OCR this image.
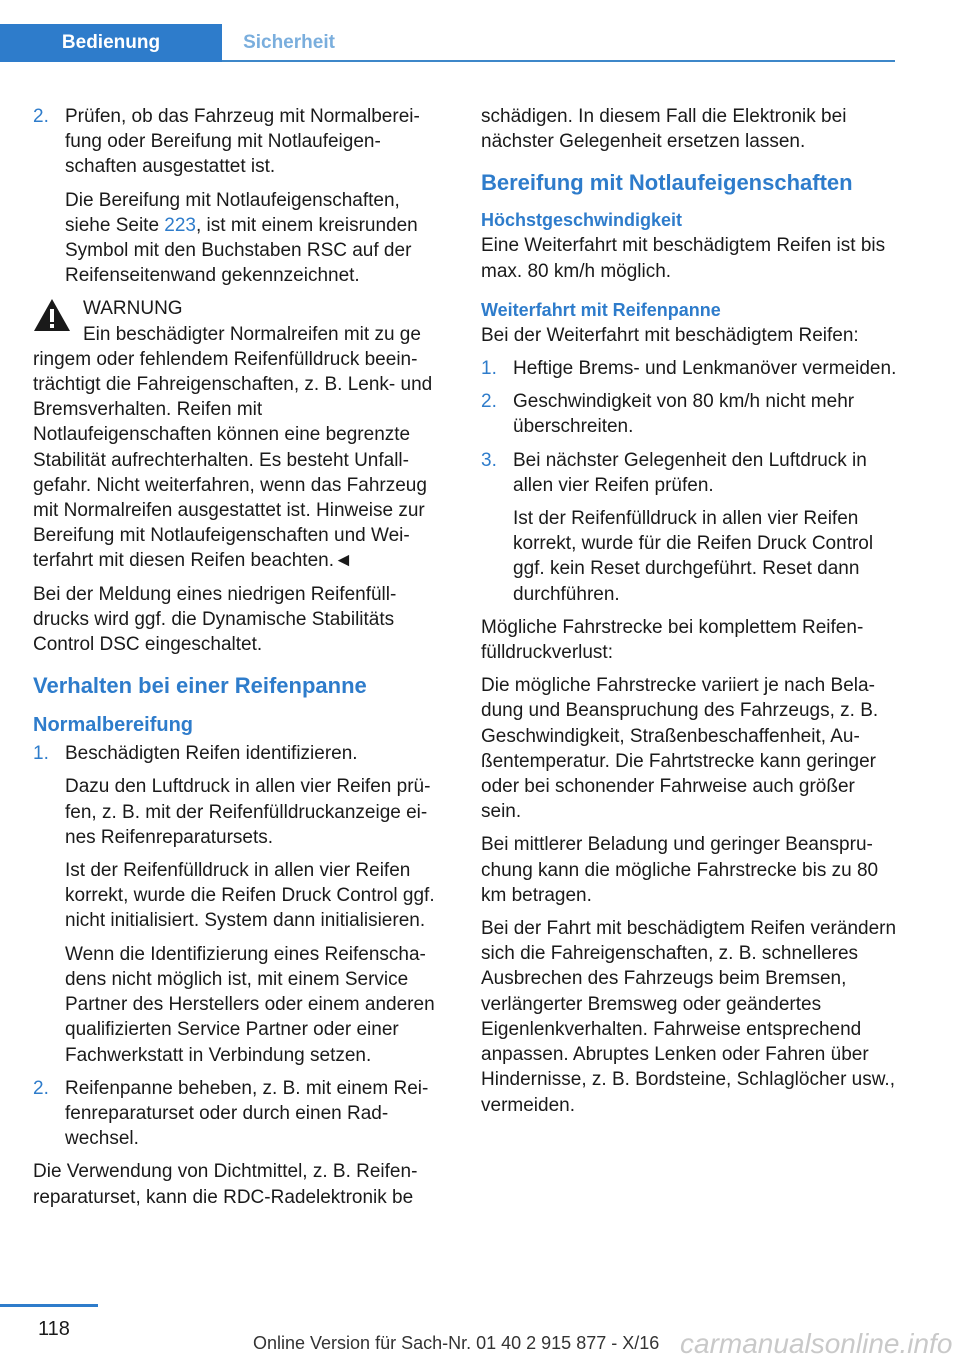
Bedienung	Sicherheit
2. Prüfen, ob das Fahrzeug mit Normalbereifung oder Bereifung mit Notlaufeigenschaften ausgestattet ist.

Die Bereifung mit Notlaufeigenschaften, siehe Seite 223, ist mit einem kreisrunden Symbol mit den Buchstaben RSC auf der Reifenseitenwand gekennzeichnet.

WARNUNG
Ein beschädigter Normalreifen mit zu ge
ringem oder fehlendem Reifenfülldruck beeinträchtigt die Fahreigenschaften, z. B. Lenk- und Bremsverhalten. Reifen mit Notlaufeigenschaften können eine begrenzte Stabilität aufrechterhalten. Es besteht Unfallgefahr. Nicht weiterfahren, wenn das Fahrzeug mit Normalreifen ausgestattet ist. Hinweise zur Bereifung mit Notlaufeigenschaften und Weiterfahrt mit diesen Reifen beachten.◄

Bei der Meldung eines niedrigen Reifenfülldrucks wird ggf. die Dynamische Stabilitäts Control DSC eingeschaltet.

Verhalten bei einer Reifenpanne
Normalbereifung
1. Beschädigten Reifen identifizieren.

Dazu den Luftdruck in allen vier Reifen prüfen, z. B. mit der Reifenfülldruckanzeige eines Reifenreparatursets.

Ist der Reifenfülldruck in allen vier Reifen korrekt, wurde die Reifen Druck Control ggf. nicht initialisiert. System dann initialisieren.

Wenn die Identifizierung eines Reifenschadens nicht möglich ist, mit einem Service Partner des Herstellers oder einem anderen qualifizierten Service Partner oder einer Fachwerkstatt in Verbindung setzen.

2. Reifenpanne beheben, z. B. mit einem Reifenreparaturset oder durch einen Radwechsel.

Die Verwendung von Dichtmittel, z. B. Reifenreparaturset, kann die RDC-Radelektronik be

schädigen. In diesem Fall die Elektronik bei nächster Gelegenheit ersetzen lassen.

Bereifung mit Notlaufeigenschaften
Höchstgeschwindigkeit

Eine Weiterfahrt mit beschädigtem Reifen ist bis max. 80 km/h möglich.

Weiterfahrt mit Reifenpanne

Bei der Weiterfahrt mit beschädigtem Reifen:

1. Heftige Brems- und Lenkmanöver vermeiden.

2. Geschwindigkeit von 80 km/h nicht mehr überschreiten.

3. Bei nächster Gelegenheit den Luftdruck in allen vier Reifen prüfen.

Ist der Reifenfülldruck in allen vier Reifen korrekt, wurde für die Reifen Druck Control ggf. kein Reset durchgeführt. Reset dann durchführen.

Mögliche Fahrstrecke bei komplettem Reifenfülldruckverlust:

Die mögliche Fahrstrecke variiert je nach Beladung und Beanspruchung des Fahrzeugs, z. B. Geschwindigkeit, Straßenbeschaffenheit, Außentemperatur. Die Fahrtstrecke kann geringer oder bei schonender Fahrweise auch größer sein.

Bei mittlerer Beladung und geringer Beanspruchung kann die mögliche Fahrstrecke bis zu 80 km betragen.

Bei der Fahrt mit beschädigtem Reifen verändern sich die Fahreigenschaften, z. B. schnelleres Ausbrechen des Fahrzeugs beim Bremsen, verlängerter Bremsweg oder geändertes Eigenlenkverhalten. Fahrweise entsprechend anpassen. Abruptes Lenken oder Fahren über Hindernisse, z. B. Bordsteine, Schlaglöcher usw., vermeiden.

118
Online Version für Sach-Nr. 01 40 2 915 877 - X/16 carmanualsonline.info
